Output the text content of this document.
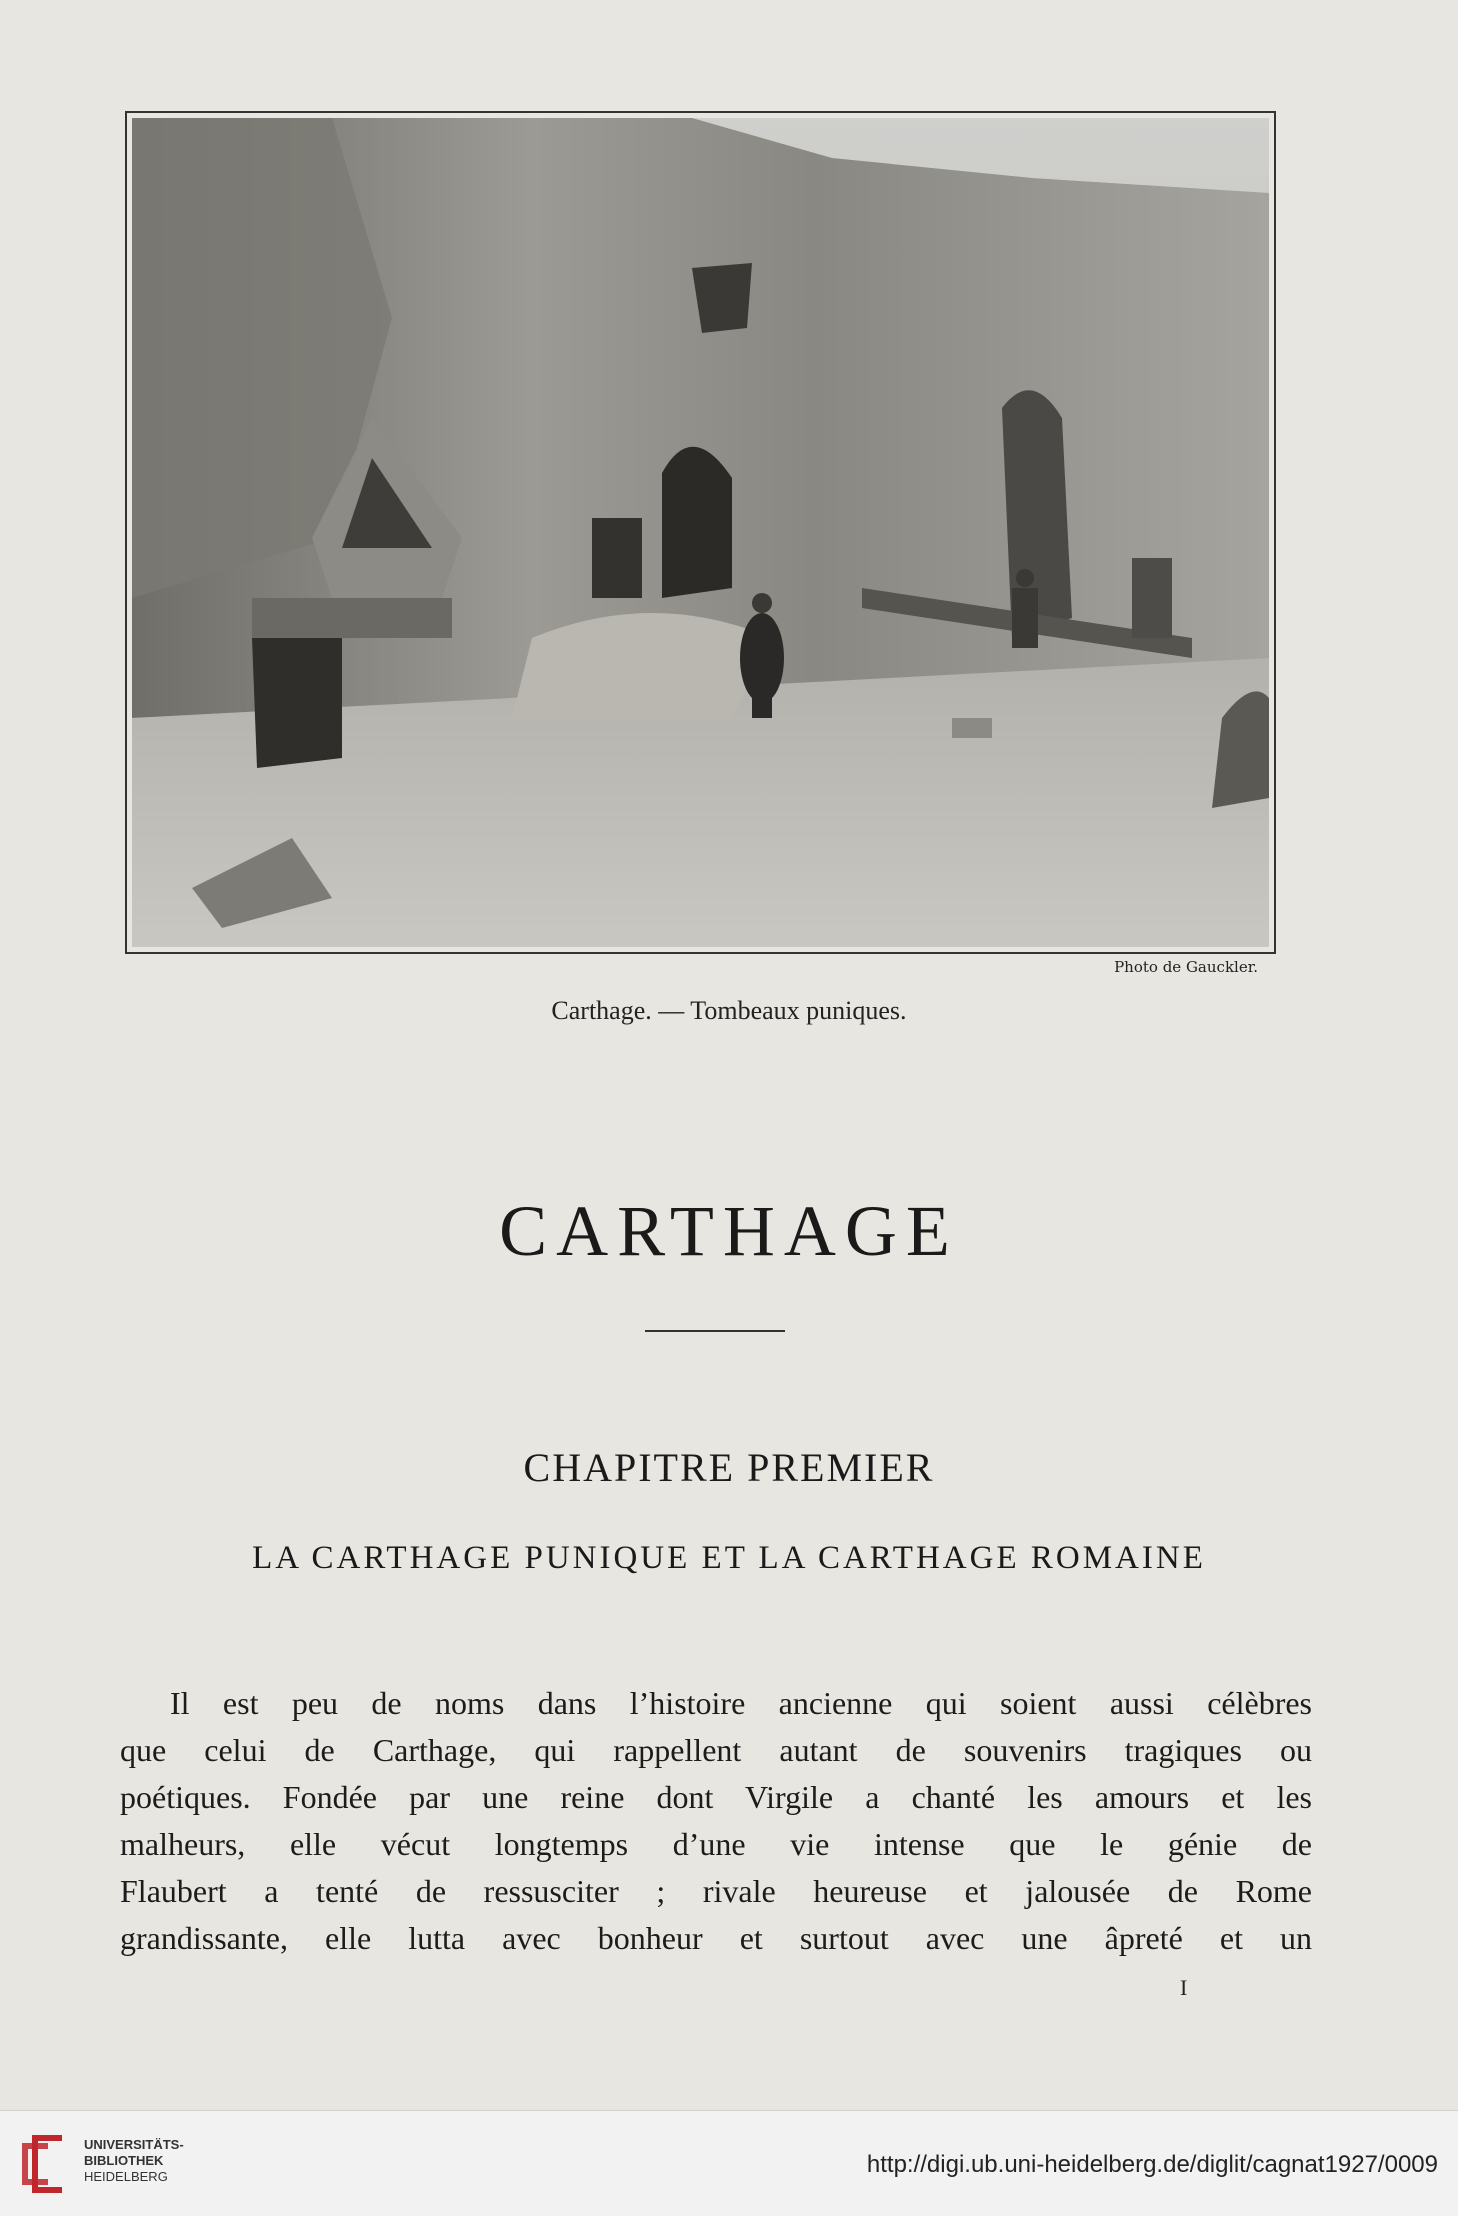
Photo de Gauckler.
Carthage. — Tombeaux puniques.
CARTHAGE
CHAPITRE PREMIER
LA CARTHAGE PUNIQUE ET LA CARTHAGE ROMAINE
Il est peu de noms dans l’histoire ancienne qui soient aussi célèbres
que celui de Carthage, qui rappellent autant de souvenirs tragiques ou
poétiques. Fondée par une reine dont Virgile a chanté les amours et les
malheurs, elle vécut longtemps d’une vie intense que le génie de
Flaubert a tenté de ressusciter ; rivale heureuse et jalousée de Rome
grandissante, elle lutta avec bonheur et surtout avec une âpreté et un
I
UNIVERSITÄTS-
BIBLIOTHEK
HEIDELBERG	http://digi.ub.uni-heidelberg.de/diglit/cagnat1927/0009
